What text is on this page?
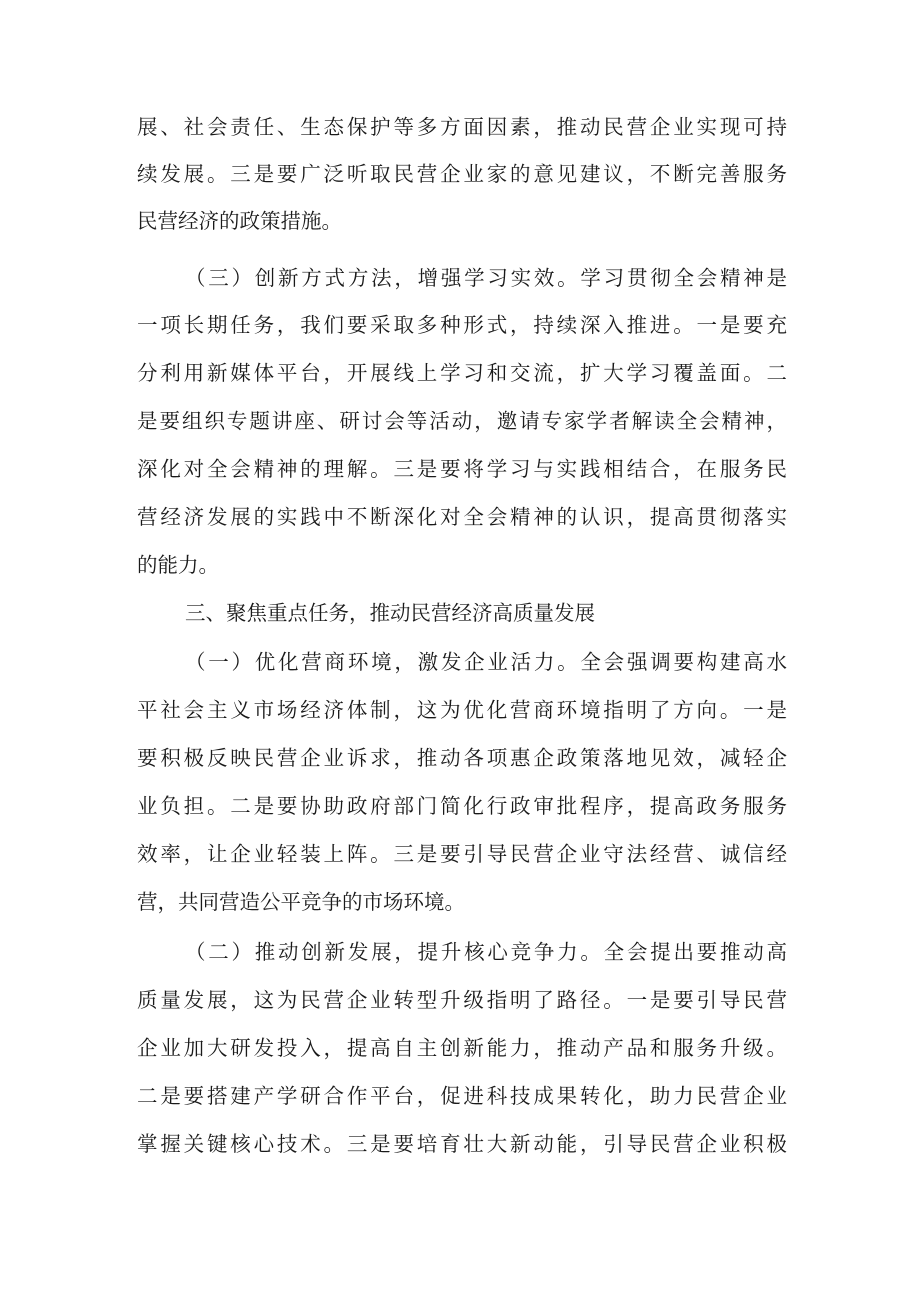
展、社会责任、生态保护等多方面因素，推动民营企业实现可持
续发展。三是要广泛听取民营企业家的意见建议，不断完善服务
民营经济的政策措施。
（三）创新方式方法，增强学习实效。学习贯彻全会精神是
一项长期任务，我们要采取多种形式，持续深入推进。一是要充
分利用新媒体平台，开展线上学习和交流，扩大学习覆盖面。二
是要组织专题讲座、研讨会等活动，邀请专家学者解读全会精神，
深化对全会精神的理解。三是要将学习与实践相结合，在服务民
营经济发展的实践中不断深化对全会精神的认识，提高贯彻落实
的能力。
三、聚焦重点任务，推动民营经济高质量发展
（一）优化营商环境，激发企业活力。全会强调要构建高水
平社会主义市场经济体制，这为优化营商环境指明了方向。一是
要积极反映民营企业诉求，推动各项惠企政策落地见效，减轻企
业负担。二是要协助政府部门简化行政审批程序，提高政务服务
效率，让企业轻装上阵。三是要引导民营企业守法经营、诚信经
营，共同营造公平竞争的市场环境。
（二）推动创新发展，提升核心竞争力。全会提出要推动高
质量发展，这为民营企业转型升级指明了路径。一是要引导民营
企业加大研发投入，提高自主创新能力，推动产品和服务升级。
二是要搭建产学研合作平台，促进科技成果转化，助力民营企业
掌握关键核心技术。三是要培育壮大新动能，引导民营企业积极
